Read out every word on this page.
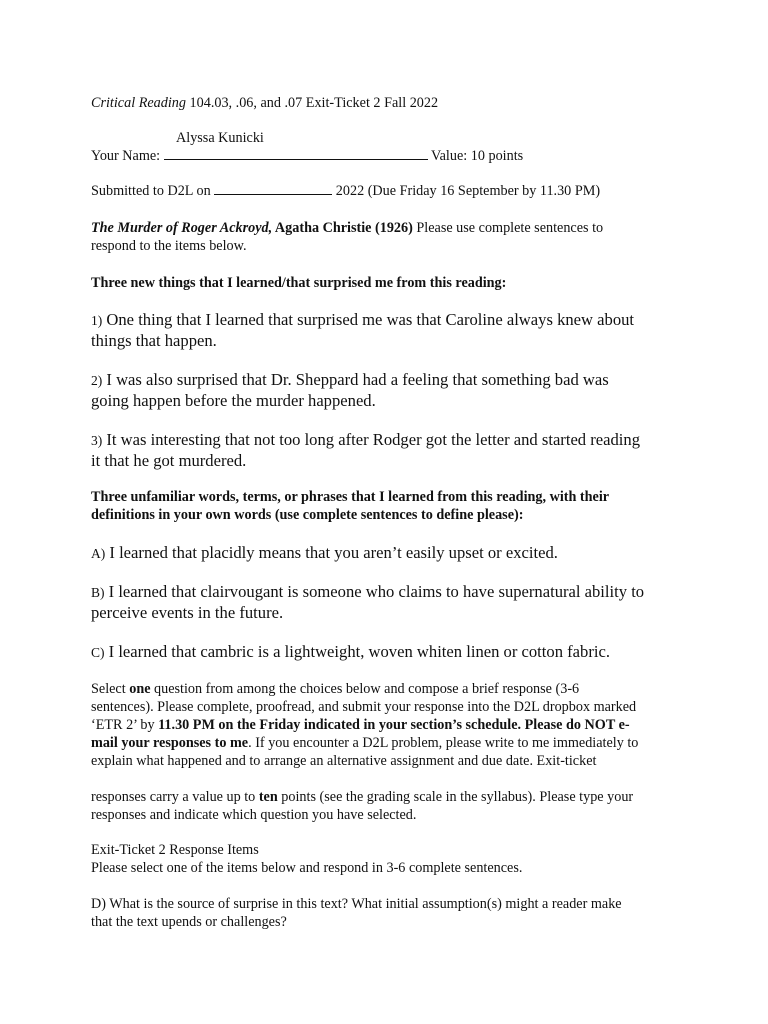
Critical Reading 104.03, .06, and .07 Exit-Ticket 2 Fall 2022
Alyssa Kunicki
Your Name:	Value: 10 points
Submitted to D2L on	2022 (Due Friday 16 September by 11.30 PM)
The Murder of Roger Ackroyd, Agatha Christie (1926) Please use complete sentences to
respond to the items below.
Three new things that I learned/that surprised me from this reading:
1) One thing that I learned that surprised me was that Caroline always knew about
things that happen.
2) I was also surprised that Dr. Sheppard had a feeling that something bad was
going happen before the murder happened.
3) It was interesting that not too long after Rodger got the letter and started reading
it that he got murdered.
Three unfamiliar words, terms, or phrases that I learned from this reading, with their
definitions in your own words (use complete sentences to define please):
A) I learned that placidly means that you aren’t easily upset or excited.
B) I learned that clairvougant is someone who claims to have supernatural ability to
perceive events in the future.
C) I learned that cambric is a lightweight, woven whiten linen or cotton fabric.
Select one question from among the choices below and compose a brief response (3-6
sentences). Please complete, proofread, and submit your response into the D2L dropbox marked
‘ETR 2’ by 11.30 PM on the Friday indicated in your section’s schedule. Please do NOT e-
mail your responses to me. If you encounter a D2L problem, please write to me immediately to
explain what happened and to arrange an alternative assignment and due date. Exit-ticket
responses carry a value up to ten points (see the grading scale in the syllabus). Please type your
responses and indicate which question you have selected.
Exit-Ticket 2 Response Items
Please select one of the items below and respond in 3-6 complete sentences.
D) What is the source of surprise in this text? What initial assumption(s) might a reader make
that the text upends or challenges?
